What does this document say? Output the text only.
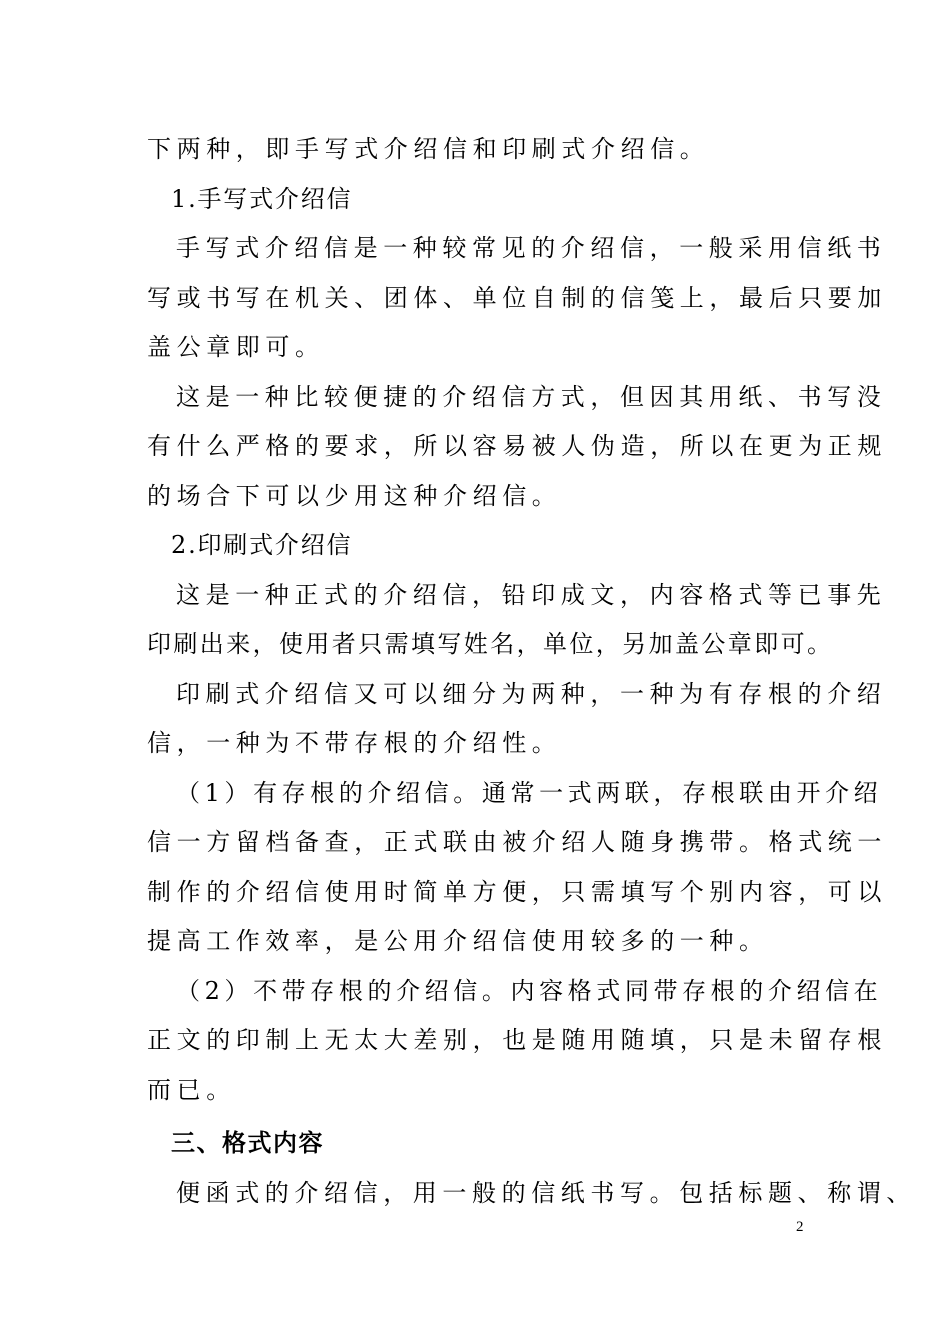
下两种，即手写式介绍信和印刷式介绍信。
1.手写式介绍信
手写式介绍信是一种较常见的介绍信，一般采用信纸书
写或书写在机关、团体、单位自制的信笺上，最后只要加
盖公章即可。
这是一种比较便捷的介绍信方式，但因其用纸、书写没
有什么严格的要求，所以容易被人伪造，所以在更为正规
的场合下可以少用这种介绍信。
2.印刷式介绍信
这是一种正式的介绍信，铅印成文，内容格式等已事先
印刷出来，使用者只需填写姓名，单位，另加盖公章即可。
印刷式介绍信又可以细分为两种，一种为有存根的介绍
信，一种为不带存根的介绍性。
（1）有存根的介绍信。通常一式两联，存根联由开介绍
信一方留档备查，正式联由被介绍人随身携带。格式统一
制作的介绍信使用时简单方便，只需填写个别内容，可以
提高工作效率，是公用介绍信使用较多的一种。
（2）不带存根的介绍信。内容格式同带存根的介绍信在
正文的印制上无太大差别，也是随用随填，只是未留存根
而已。
三、格式内容
便函式的介绍信，用一般的信纸书写。包括标题、称谓、
2
